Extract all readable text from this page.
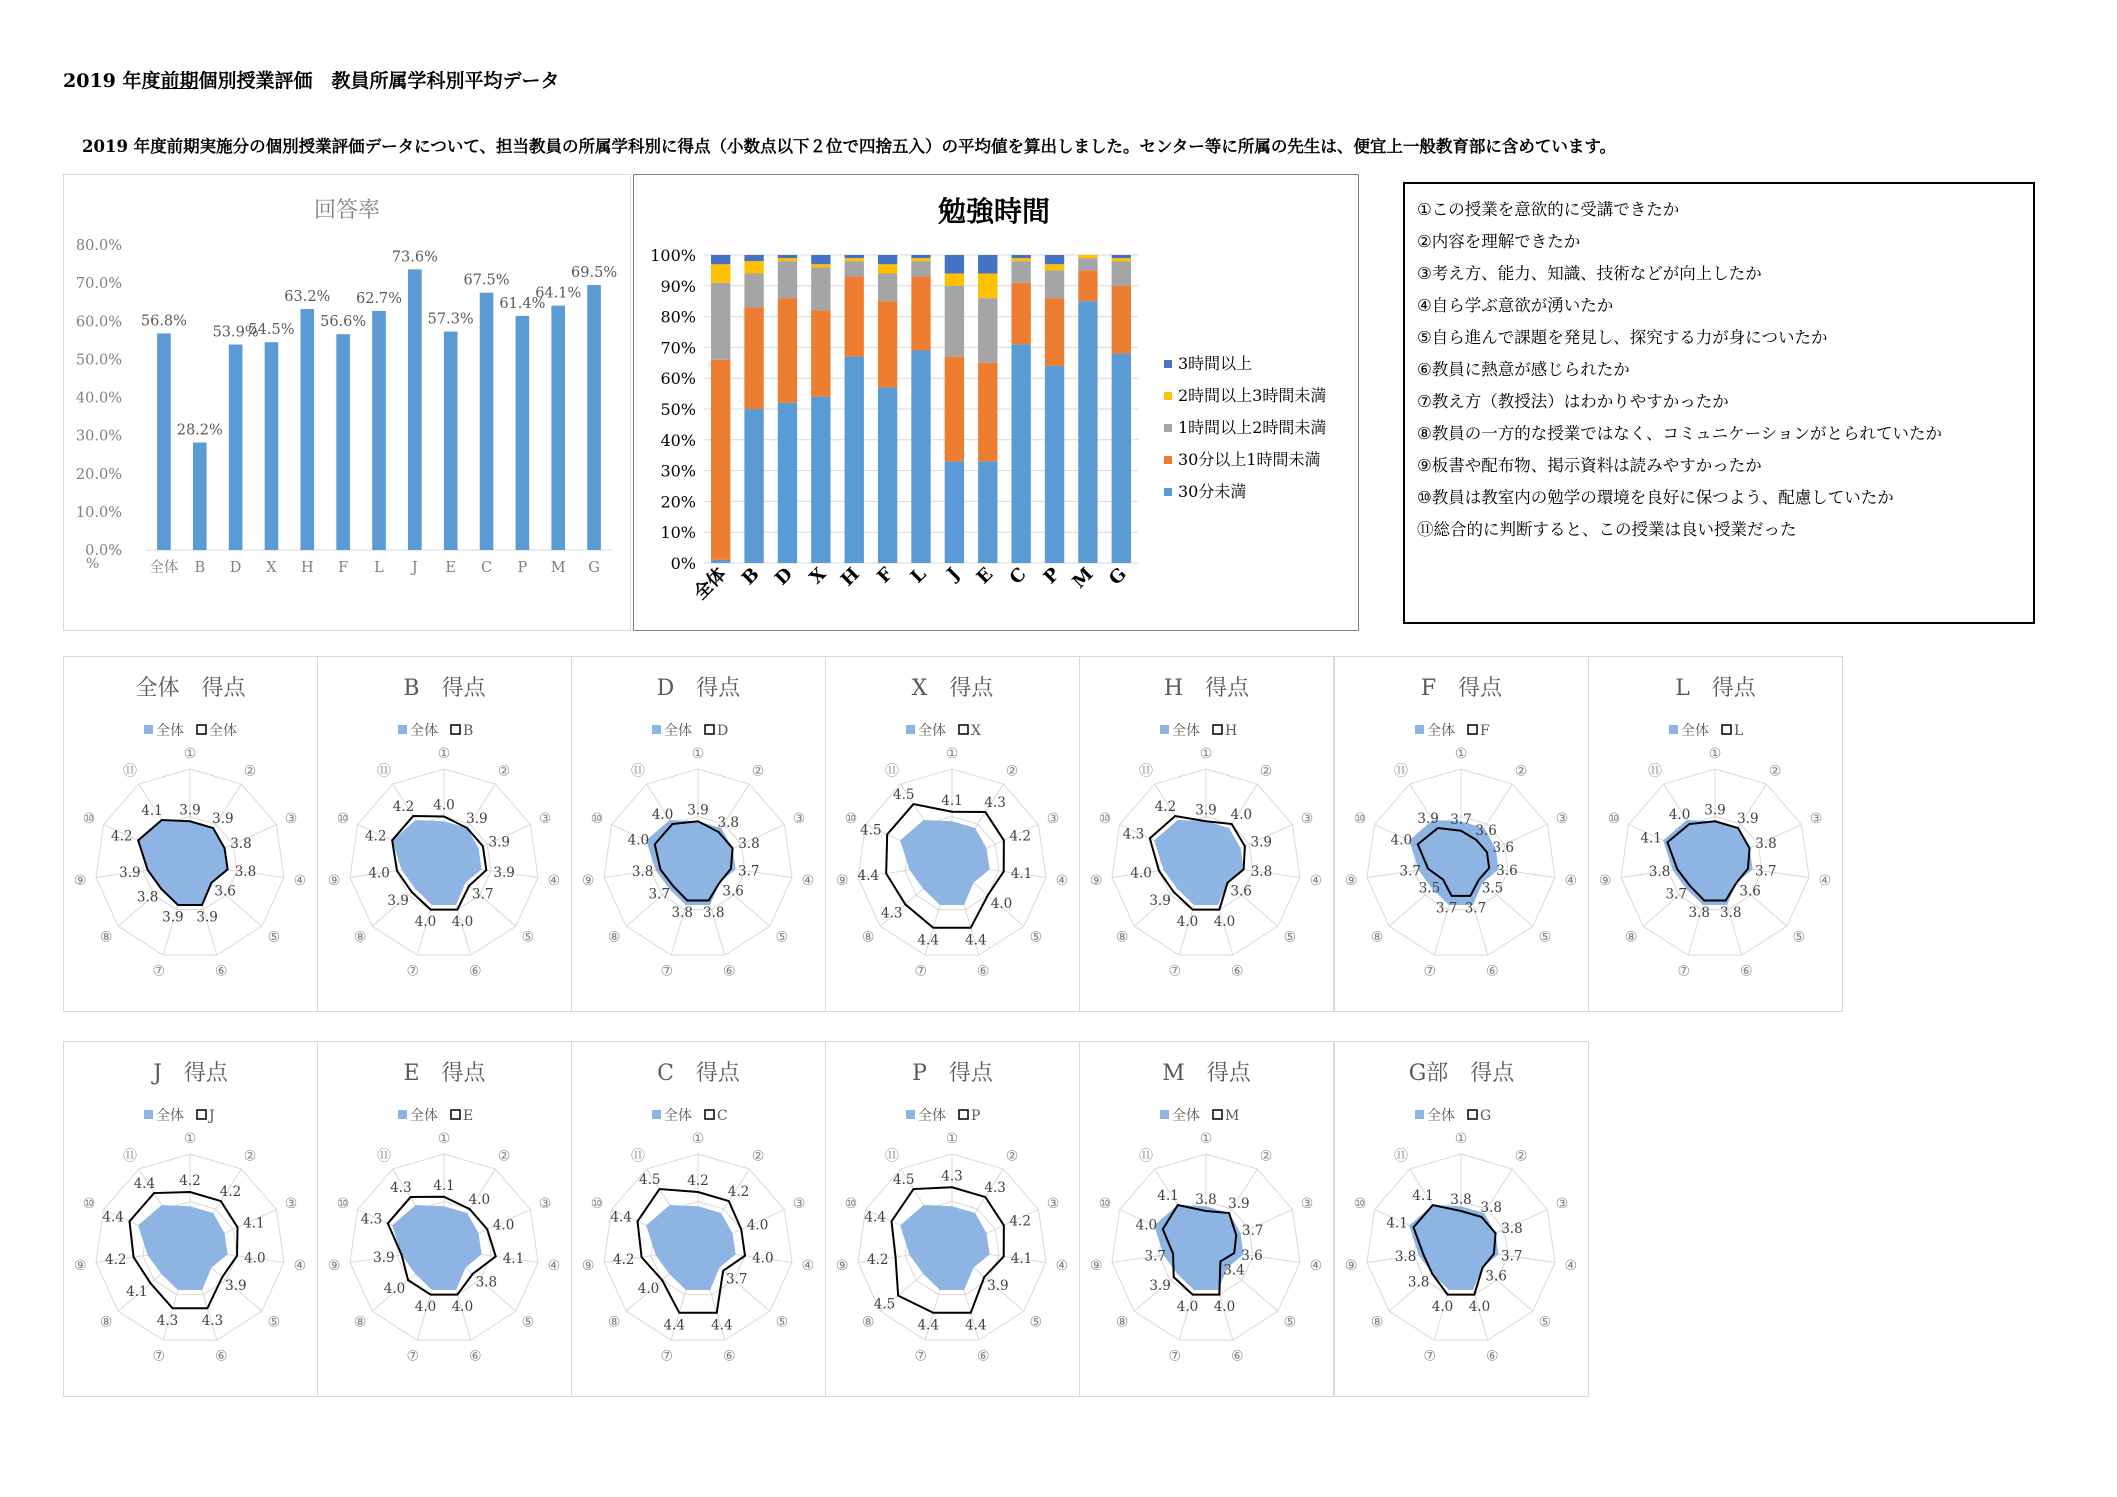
2019 年度前期個別授業評価　教員所属学科別平均データ
2019 年度前期実施分の個別授業評価データについて、担当教員の所属学科別に得点（小数点以下２位で四捨五入）の平均値を算出しました。センター等に所属の先生は、便宜上一般教育部に含めています。
回答率
0.0%
10.0%
20.0%
30.0%
40.0%
50.0%
60.0%
70.0%
80.0%
%
56.8%
全体
28.2%
B
53.9%
D
54.5%
X
63.2%
H
56.6%
F
62.7%
L
73.6%
J
57.3%
E
67.5%
C
61.4%
P
64.1%
M
69.5%
G
勉強時間
0%
10%
20%
30%
40%
50%
60%
70%
80%
90%
100%
全体 B D X H F L J E C P M G
3時間以上
2時間以上3時間未満
1時間以上2時間未満
30分以上1時間未満
30分未満
①この授業を意欲的に受講できたか
②内容を理解できたか
③考え方、能力、知識、技術などが向上したか
④自ら学ぶ意欲が湧いたか
⑤自ら進んで課題を発見し、探究する力が身についたか
⑥教員に熱意が感じられたか
⑦教え方（教授法）はわかりやすかったか
⑧教員の一方的な授業ではなく、コミュニケーションがとられていたか
⑨板書や配布物、掲示資料は読みやすかったか
⑩教員は教室内の勉学の環境を良好に保つよう、配慮していたか
⑪総合的に判断すると、この授業は良い授業だった
全体　得点
全体 全体
①
3.9
②
3.9	③
3.8
④
3.8
⑤
3.6
⑥
3.9
⑦
3.9
⑧
3.8
⑨
3.9
⑩
4.2
⑪
4.1
B　得点
全体 B
①
4.0
②
3.9	③
3.9
④
3.9
⑤
3.7
⑥
4.0
⑦
4.0
⑧
3.9
⑨ 4.0
⑩
4.2
⑪
4.2
D　得点
全体 D
①
3.9
②
3.8	③
3.8
④
3.7
⑤
3.6
⑥
3.8
⑦
3.8
⑧
3.7
⑨
3.8
⑩
4.0
⑪
4.0
X　得点
全体 X
①
4.1
②
4.3
③
4.2
④
4.1
⑤
4.0
⑥
4.4
⑦
4.4
⑧
4.3
⑨ 4.4
⑩
4.5
⑪
4.5
H　得点
全体 H
①
3.9
②
4.0	③
3.9
④
3.8
⑤
3.6
⑥
4.0
⑦
4.0
⑧
3.9
⑨ 4.0
⑩
4.3
⑪
4.2
F　得点
全体 F
①
3.7
②
3.6
③
3.6
④
3.6
⑤
3.5
⑥
3.7
⑦
3.7
⑧
3.5
⑨
3.7
⑩
4.0
⑪
3.9
L　得点
全体 L
①
3.9
②
3.9	③
3.8
④
3.7
⑤
3.6
⑥
3.8
⑦
3.8
⑧
3.7
⑨
3.8
⑩
4.1
⑪
4.0
J　得点
全体 J
①
4.2
②
4.2
③
4.1
④
4.0
⑤
3.9
⑥
4.3
⑦
4.3
⑧
4.1
⑨ 4.2
⑩
4.4
⑪
4.4
E　得点
全体 E
①
4.1
②
4.0	③
4.0
④
4.1
⑤
3.8
⑥
4.0
⑦
4.0
⑧
4.0
⑨
3.9
⑩
4.3
⑪
4.3
C　得点
全体 C
①
4.2
②
4.2
③
4.0
④
4.0
⑤
3.7
⑥
4.4
⑦
4.4
⑧
4.0
⑨ 4.2
⑩
4.4
⑪
4.5
P　得点
全体 P
①
4.3
②
4.3
③
4.2
④
4.1
⑤
3.9
⑥
4.4
⑦
4.4
⑧
4.5
⑨ 4.2
⑩
4.4
⑪
4.5
M　得点
全体 M
①
3.8
②
3.9	③
3.7
④
3.6
⑤
3.4
⑥
4.0
⑦
4.0
⑧
3.9
⑨
3.7
⑩
4.0
⑪
4.1
G部　得点
全体 G
①
3.8
②
3.8	③
3.8
④
3.7
⑤
3.6
⑥
4.0
⑦
4.0
⑧
3.8
⑨
3.8
⑩
4.1
⑪
4.1
